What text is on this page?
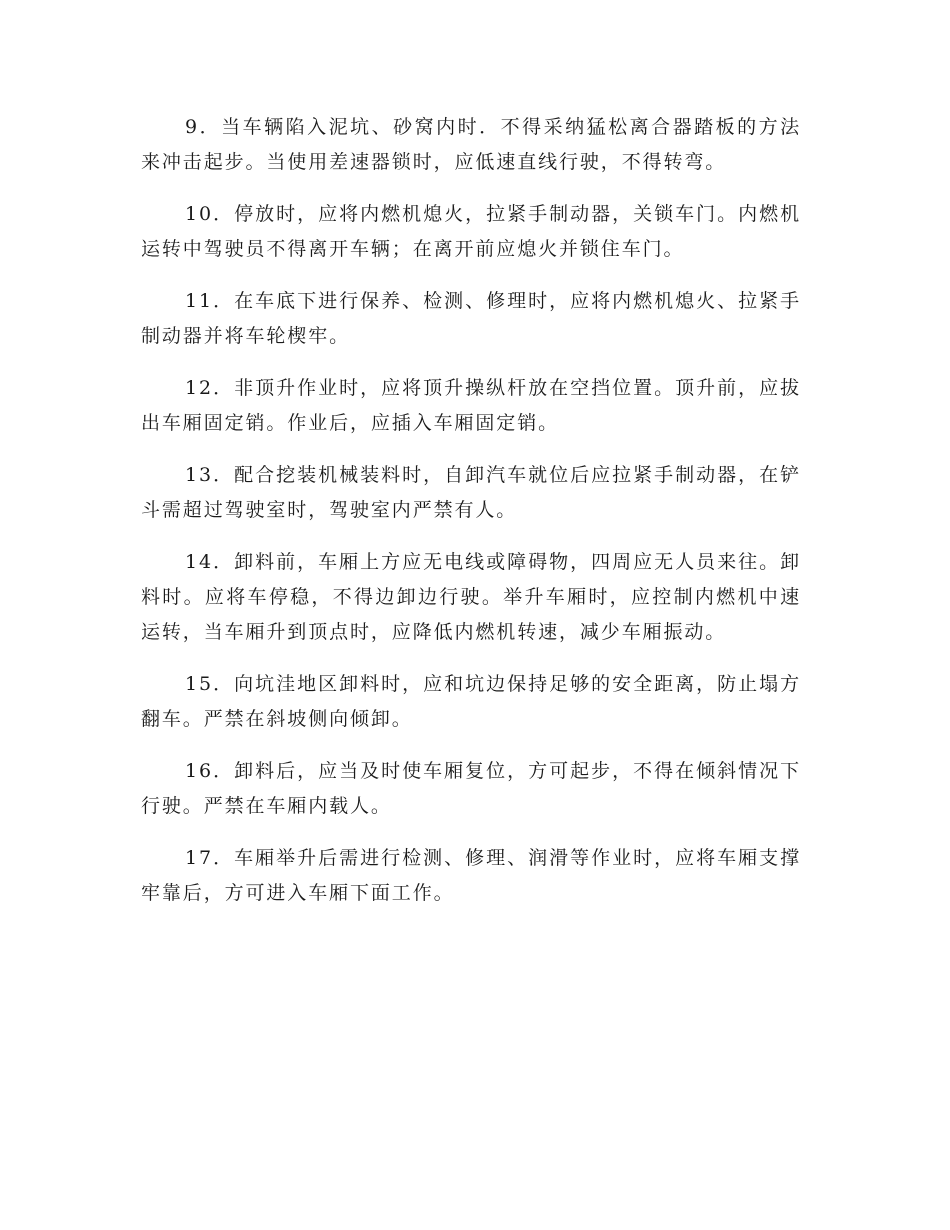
9．当车辆陷入泥坑、砂窝内时．不得采纳猛松离合器踏板的方法来冲击起步。当使用差速器锁时，应低速直线行驶，不得转弯。

10．停放时，应将内燃机熄火，拉紧手制动器，关锁车门。内燃机运转中驾驶员不得离开车辆；在离开前应熄火并锁住车门。

11．在车底下进行保养、检测、修理时，应将内燃机熄火、拉紧手制动器并将车轮楔牢。

12．非顶升作业时，应将顶升操纵杆放在空挡位置。顶升前，应拔出车厢固定销。作业后，应插入车厢固定销。

13．配合挖装机械装料时，自卸汽车就位后应拉紧手制动器，在铲斗需超过驾驶室时，驾驶室内严禁有人。

14．卸料前，车厢上方应无电线或障碍物，四周应无人员来往。卸料时。应将车停稳，不得边卸边行驶。举升车厢时，应控制内燃机中速运转，当车厢升到顶点时，应降低内燃机转速，减少车厢振动。

15．向坑洼地区卸料时，应和坑边保持足够的安全距离，防止塌方翻车。严禁在斜坡侧向倾卸。

16．卸料后，应当及时使车厢复位，方可起步，不得在倾斜情况下行驶。严禁在车厢内载人。

17．车厢举升后需进行检测、修理、润滑等作业时，应将车厢支撑牢靠后，方可进入车厢下面工作。
